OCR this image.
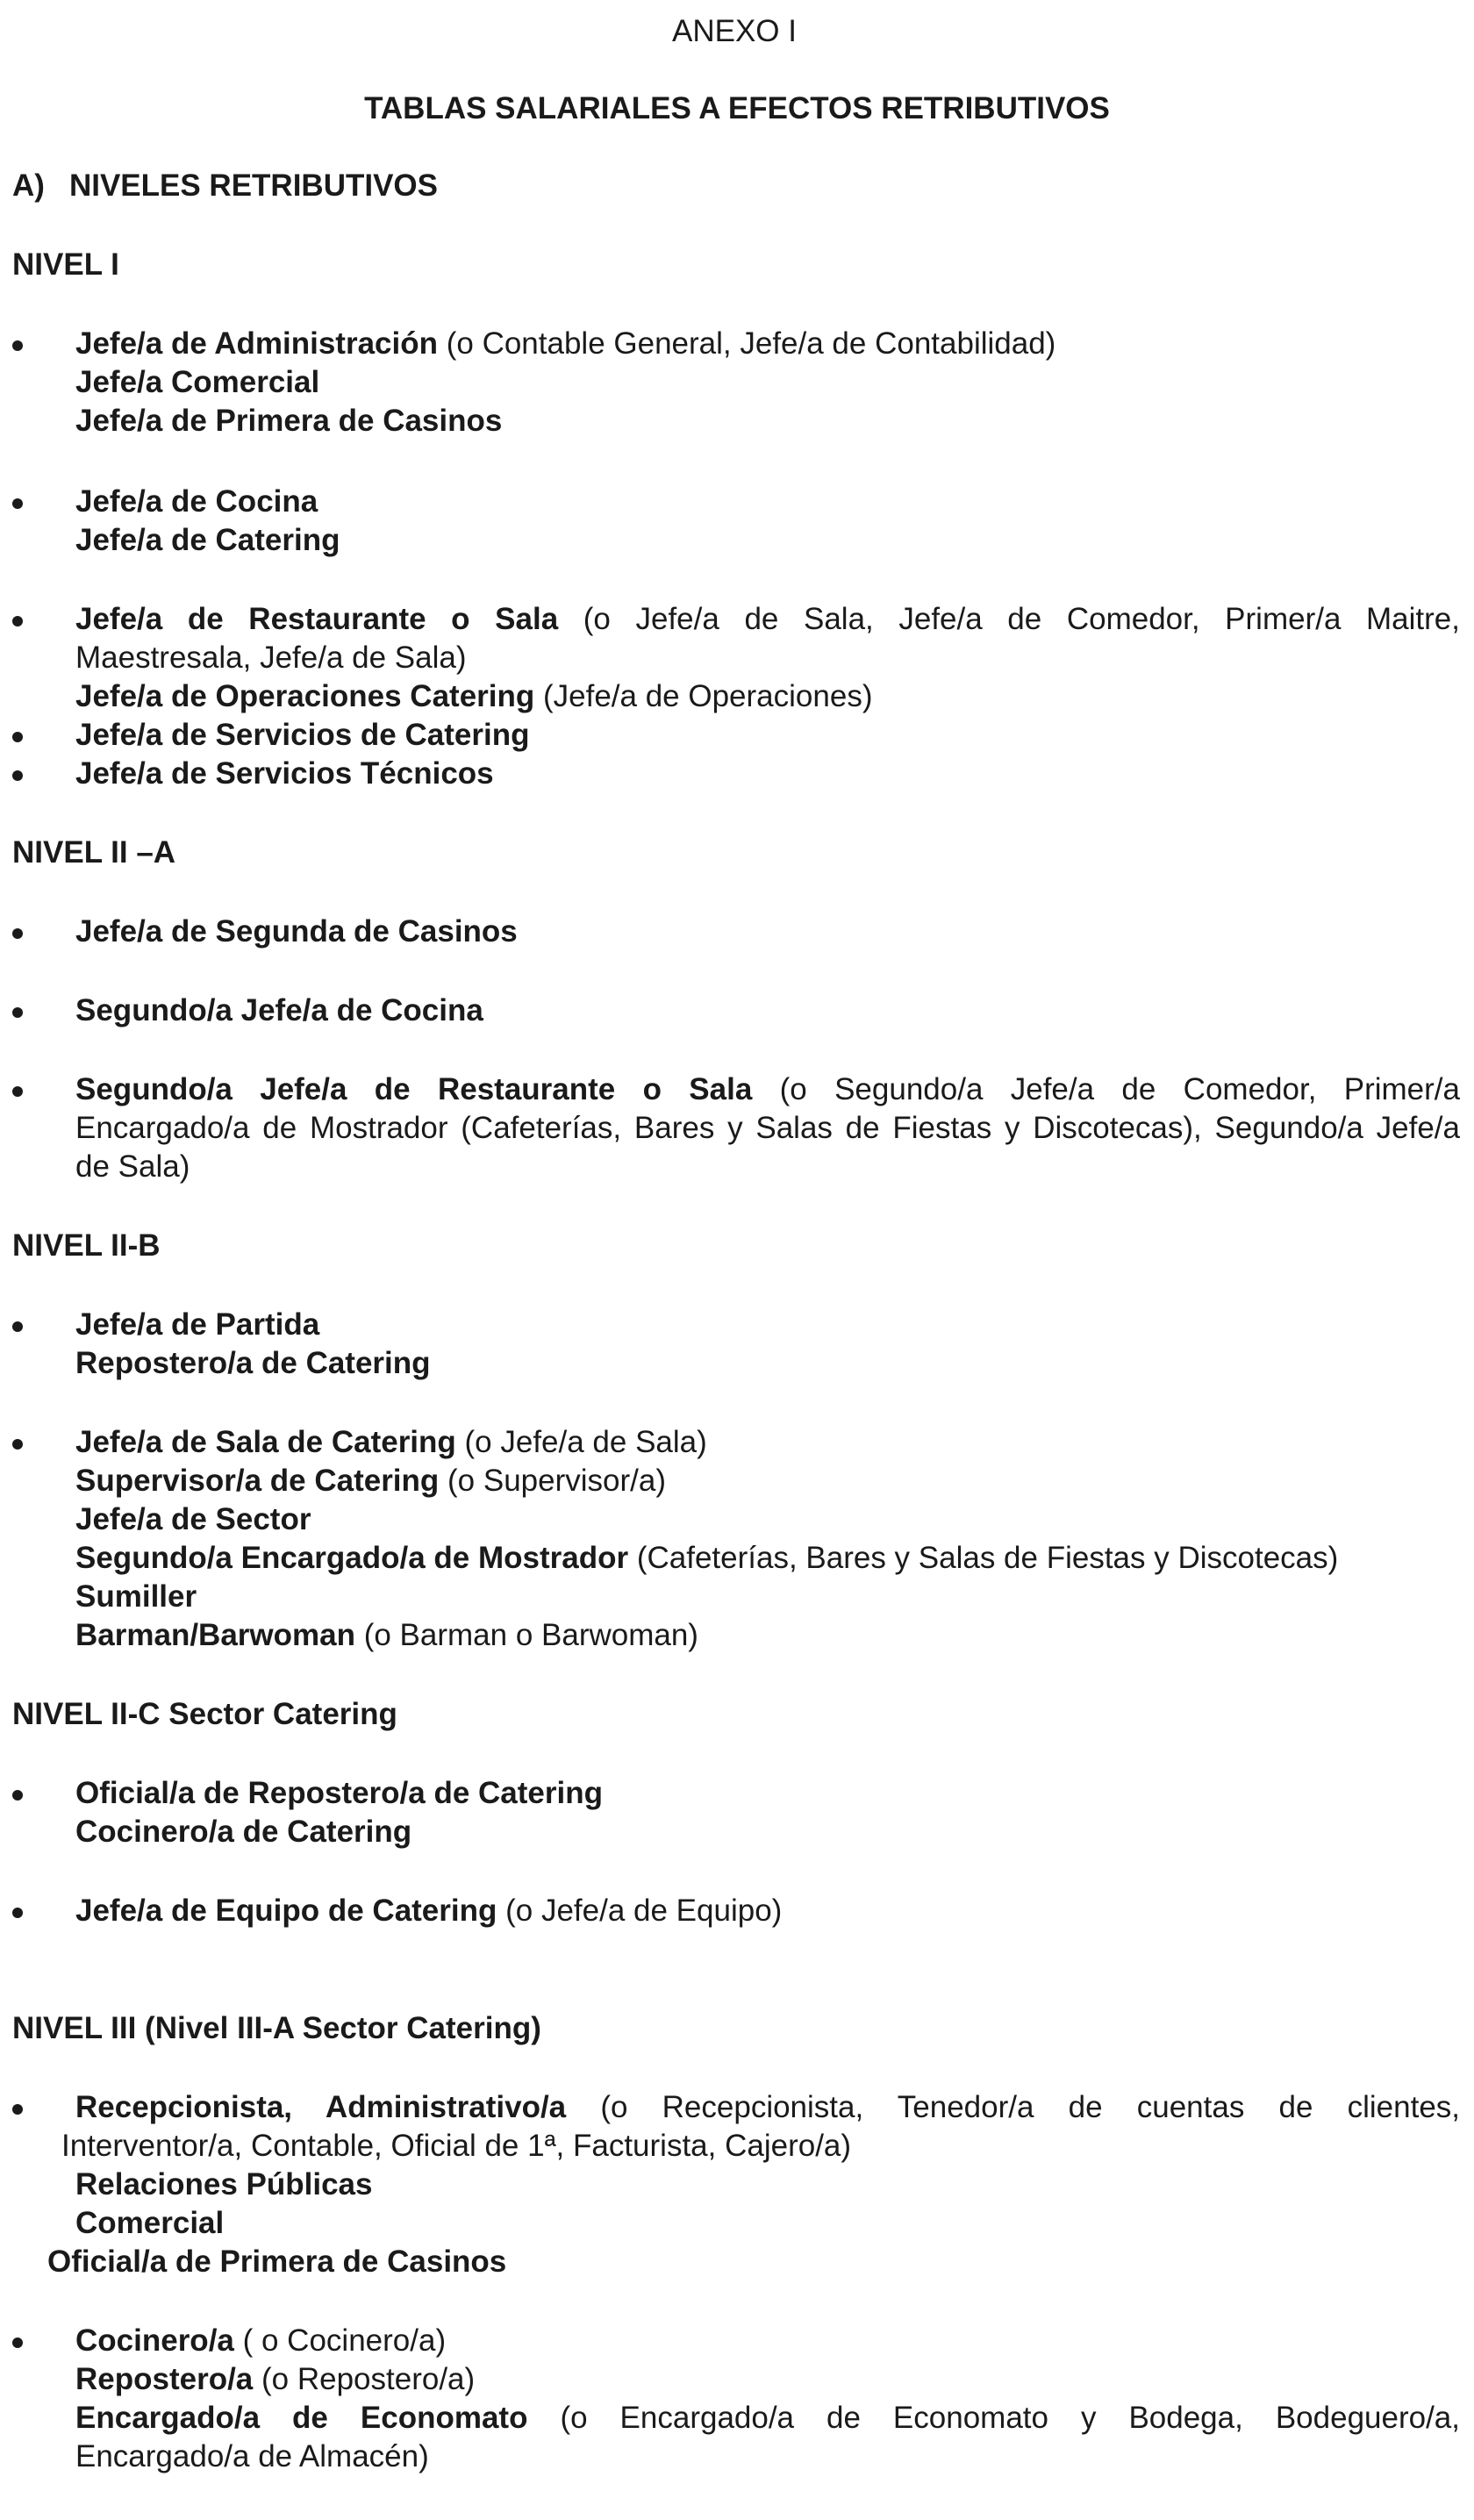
ANEXO I
TABLAS SALARIALES A EFECTOS RETRIBUTIVOS
A) NIVELES RETRIBUTIVOS
NIVEL I
Jefe/a de Administración (o Contable General, Jefe/a de Contabilidad)
Jefe/a Comercial
Jefe/a de Primera de Casinos
Jefe/a de Cocina
Jefe/a de Catering
Jefe/a de Restaurante o Sala (o Jefe/a de Sala, Jefe/a de Comedor, Primer/a Maitre,
Maestresala, Jefe/a de Sala)
Jefe/a de Operaciones Catering (Jefe/a de Operaciones)
Jefe/a de Servicios de Catering
Jefe/a de Servicios Técnicos
NIVEL II –A
Jefe/a de Segunda de Casinos
Segundo/a Jefe/a de Cocina
Segundo/a Jefe/a de Restaurante o Sala (o Segundo/a Jefe/a de Comedor, Primer/a
Encargado/a de Mostrador (Cafeterías, Bares y Salas de Fiestas y Discotecas), Segundo/a Jefe/a
de Sala)
NIVEL II-B
Jefe/a de Partida
Repostero/a de Catering
Jefe/a de Sala de Catering (o Jefe/a de Sala)
Supervisor/a de Catering (o Supervisor/a)
Jefe/a de Sector
Segundo/a Encargado/a de Mostrador (Cafeterías, Bares y Salas de Fiestas y Discotecas)
Sumiller
Barman/Barwoman (o Barman o Barwoman)
NIVEL II-C Sector Catering
Oficial/a de Repostero/a de Catering
Cocinero/a de Catering
Jefe/a de Equipo de Catering (o Jefe/a de Equipo)
NIVEL III (Nivel III-A Sector Catering)
Recepcionista, Administrativo/a (o Recepcionista, Tenedor/a de cuentas de clientes,
Interventor/a, Contable, Oficial de 1ª, Facturista, Cajero/a)
Relaciones Públicas
Comercial
Oficial/a de Primera de Casinos
Cocinero/a ( o Cocinero/a)
Repostero/a (o Repostero/a)
Encargado/a de Economato (o Encargado/a de Economato y Bodega, Bodeguero/a,
Encargado/a de Almacén)
